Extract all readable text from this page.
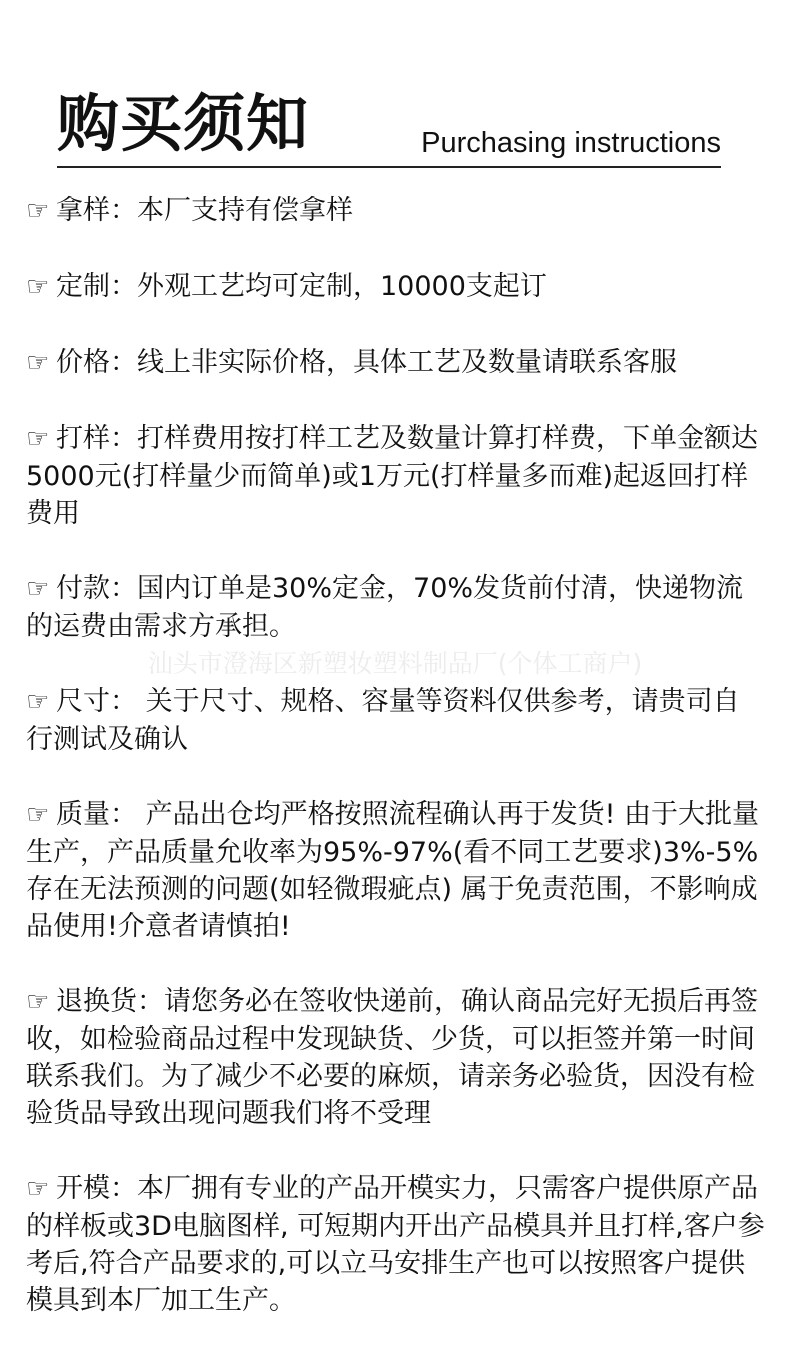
购买须知	Purchasing instructions
汕头市澄海区新塑妆塑料制品厂(个体工商户)

☞ 拿样：本厂支持有偿拿样

☞ 定制：外观工艺均可定制，10000支起订

☞ 价格：线上非实际价格，具体工艺及数量请联系客服

☞ 打样：打样费用按打样工艺及数量计算打样费，下单金额达5000元(打样量少而简单)或1万元(打样量多而难)起返回打样费用

☞ 付款：国内订单是30%定金，70%发货前付清，快递物流的运费由需求方承担。

☞ 尺寸： 关于尺寸、规格、容量等资料仅供参考，请贵司自行测试及确认

☞ 质量： 产品出仓均严格按照流程确认再于发货! 由于大批量生产，产品质量允收率为95%-97%(看不同工艺要求)3%-5%存在无法预测的问题(如轻微瑕疵点) 属于免责范围，不影响成品使用!介意者请慎拍!

☞ 退换货：请您务必在签收快递前，确认商品完好无损后再签收，如检验商品过程中发现缺货、少货，可以拒签并第一时间联系我们。为了减少不必要的麻烦，请亲务必验货，因没有检验货品导致出现问题我们将不受理

☞ 开模：本厂拥有专业的产品开模实力，只需客户提供原产品的样板或3D电脑图样, 可短期内开出产品模具并且打样,客户参考后,符合产品要求的,可以立马安排生产也可以按照客户提供模具到本厂加工生产。
